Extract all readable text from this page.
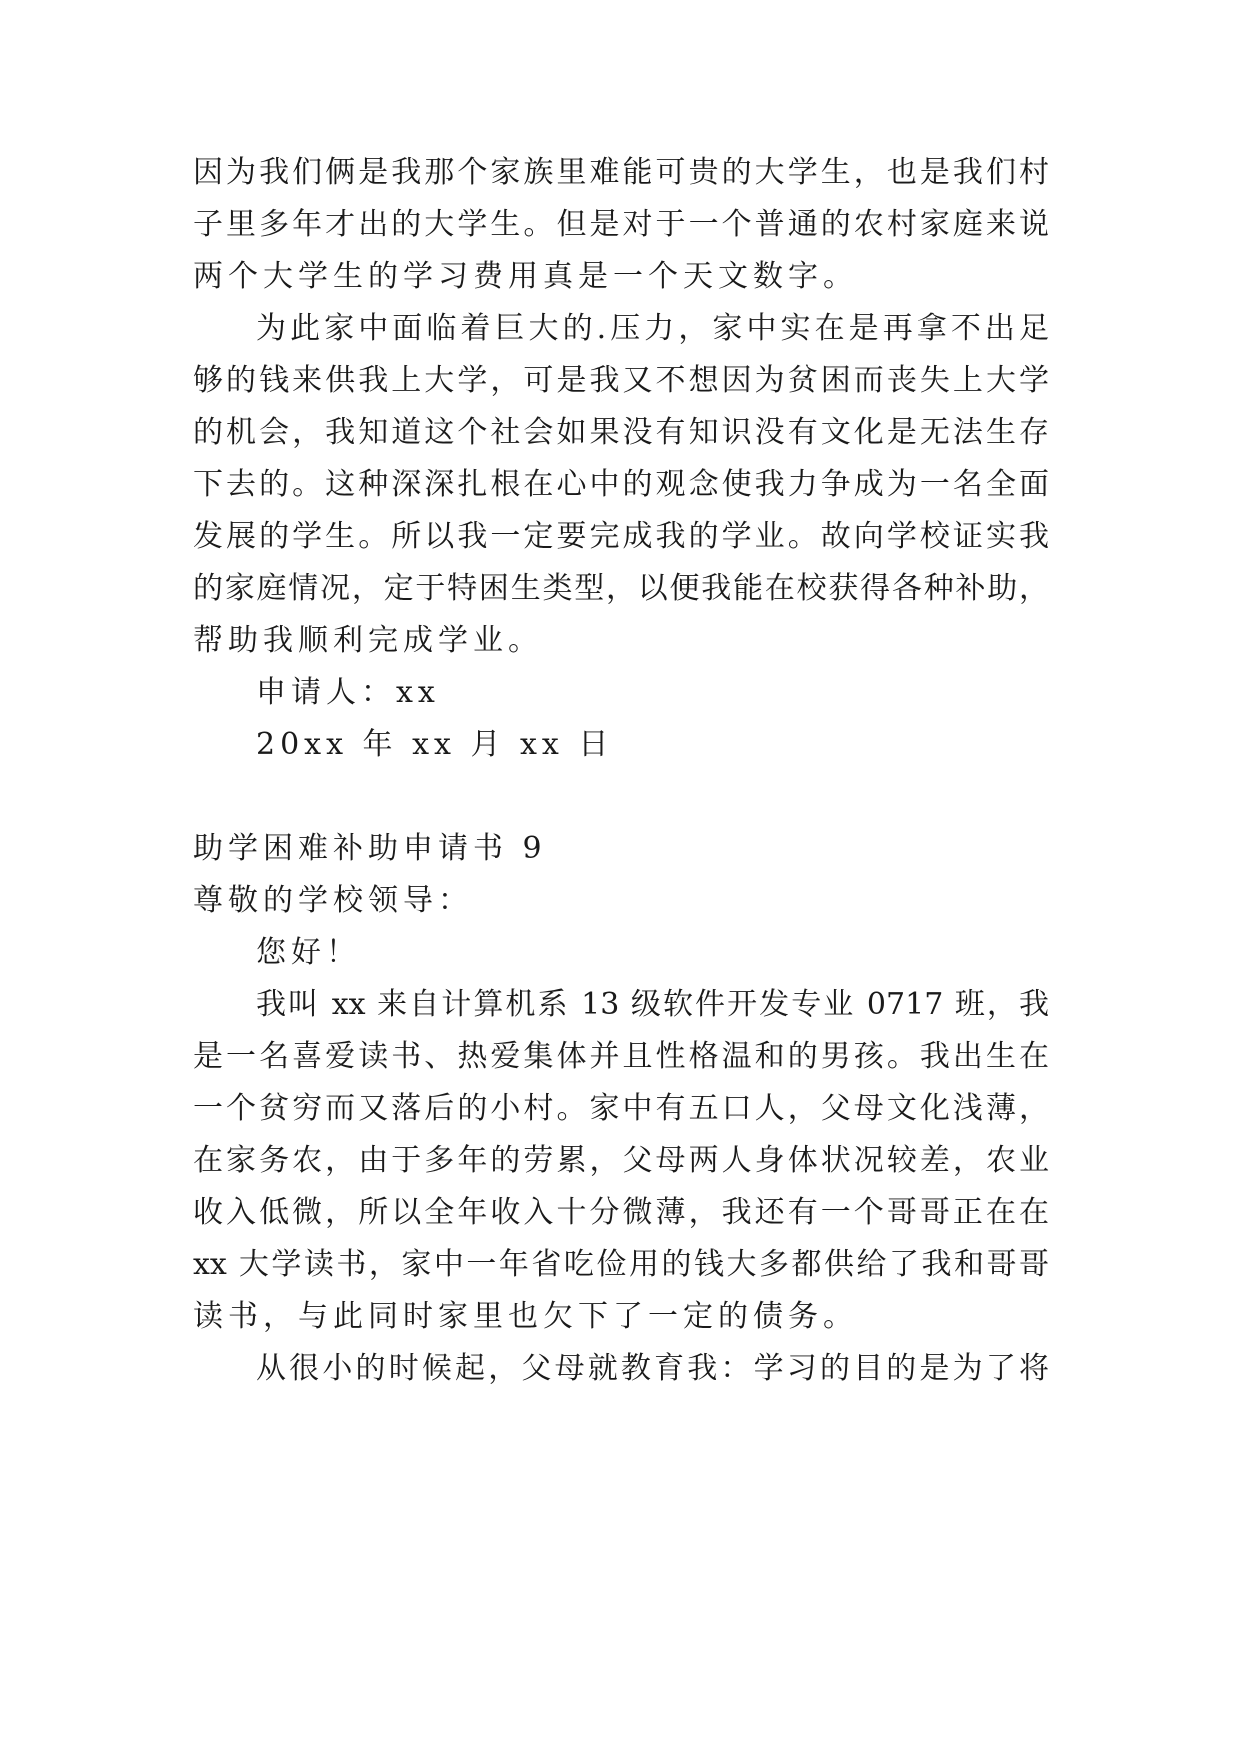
因为我们俩是我那个家族里难能可贵的大学生，也是我们村
子里多年才出的大学生。但是对于一个普通的农村家庭来说
两个大学生的学习费用真是一个天文数字。
为此家中面临着巨大的.压力，家中实在是再拿不出足
够的钱来供我上大学，可是我又不想因为贫困而丧失上大学
的机会，我知道这个社会如果没有知识没有文化是无法生存
下去的。这种深深扎根在心中的观念使我力争成为一名全面
发展的学生。所以我一定要完成我的学业。故向学校证实我
的家庭情况，定于特困生类型，以便我能在校获得各种补助，
帮助我顺利完成学业。
申请人：xx
20xx 年 xx 月 xx 日
助学困难补助申请书 9
尊敬的学校领导：
您好！
我叫 xx 来自计算机系 13 级软件开发专业 0717 班，我
是一名喜爱读书、热爱集体并且性格温和的男孩。我出生在
一个贫穷而又落后的小村。家中有五口人，父母文化浅薄，
在家务农，由于多年的劳累，父母两人身体状况较差，农业
收入低微，所以全年收入十分微薄，我还有一个哥哥正在在
xx 大学读书，家中一年省吃俭用的钱大多都供给了我和哥哥
读书，与此同时家里也欠下了一定的债务。
从很小的时候起，父母就教育我：学习的目的是为了将
